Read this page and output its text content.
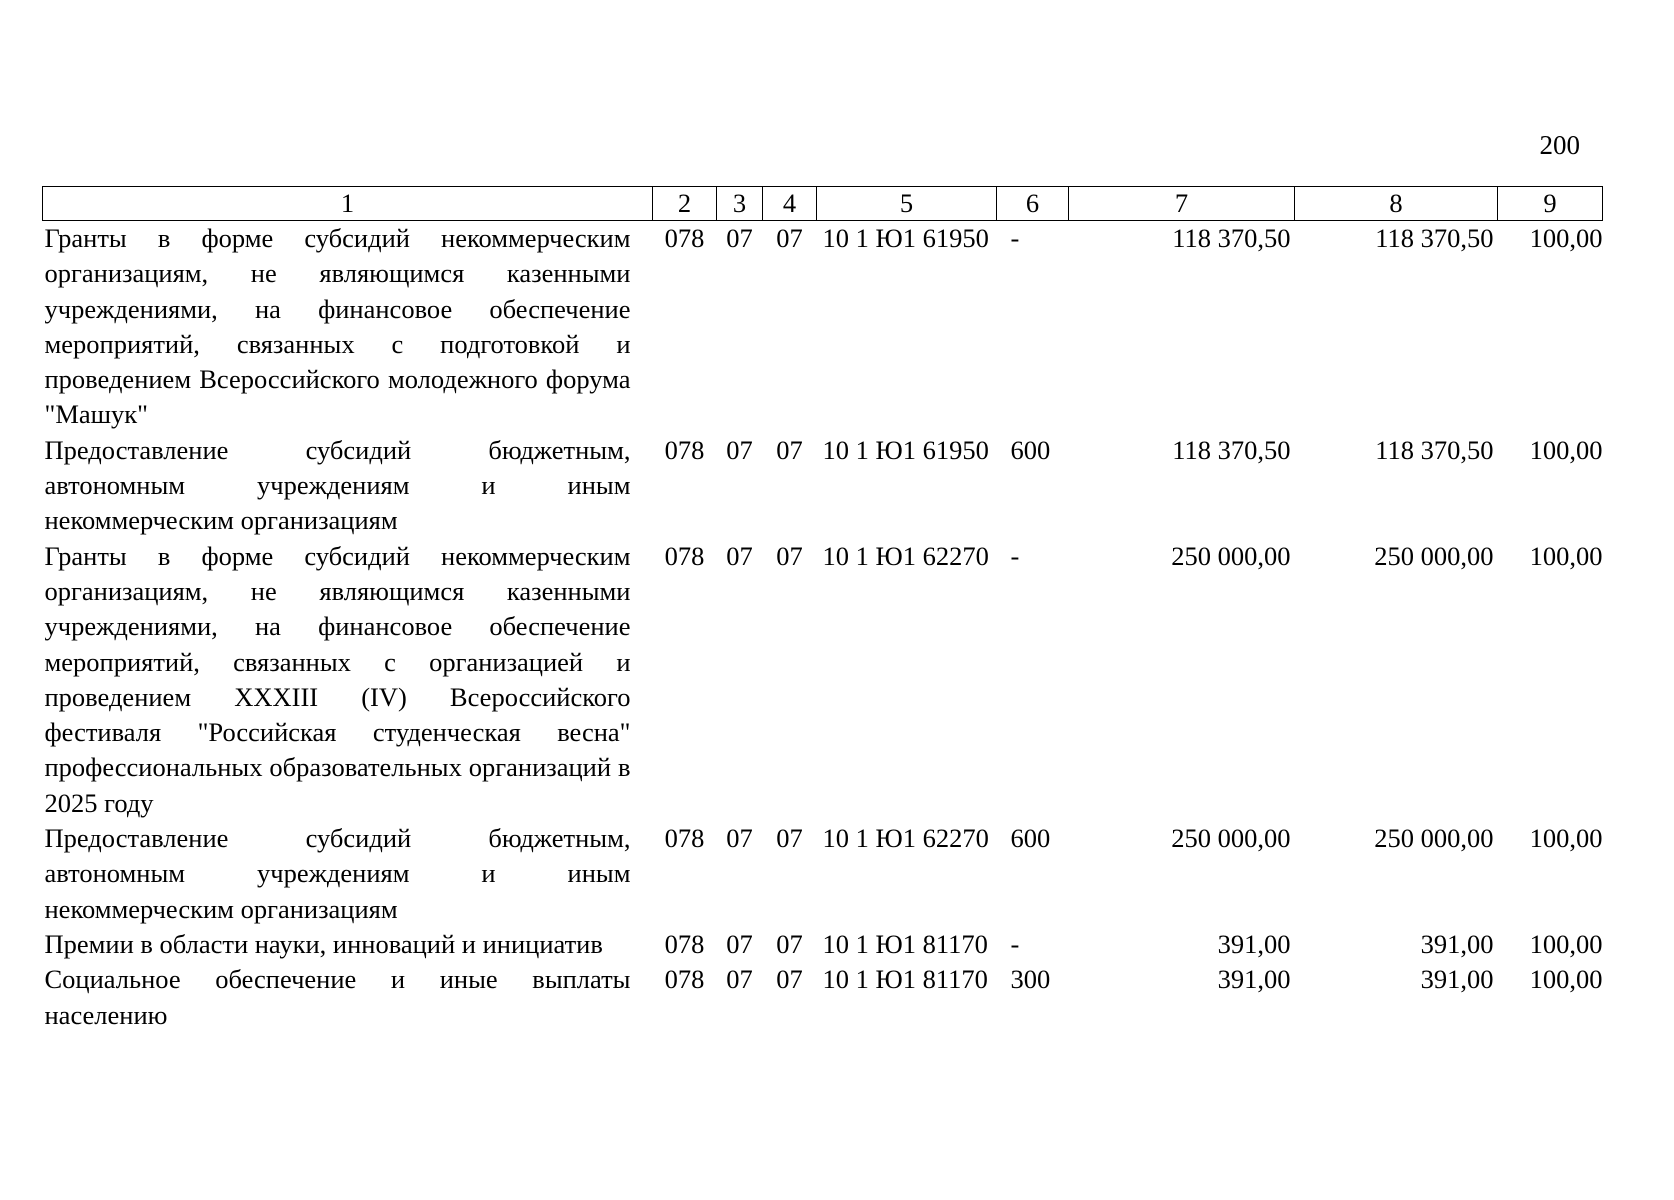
200
1	2	3	4	5	6	7	8	9
Гранты в форме субсидий некоммерческим организациям, не являющимся казенными учреждениями, на финансовое обеспечение мероприятий, связанных с подготовкой и проведением Всероссийского молодежного форума "Машук"	078	07	07	10 1 Ю1 61950	-	118 370,50	118 370,50	100,00
Предоставление субсидий бюджетным, автономным учреждениям и иным некоммерческим организациям	078	07	07	10 1 Ю1 61950	600	118 370,50	118 370,50	100,00
Гранты в форме субсидий некоммерческим организациям, не являющимся казенными учреждениями, на финансовое обеспечение мероприятий, связанных с организацией и проведением XXXIII (IV) Всероссийского фестиваля "Российская студенческая весна" профессиональных образовательных организаций в 2025 году	078	07	07	10 1 Ю1 62270	-	250 000,00	250 000,00	100,00
Предоставление субсидий бюджетным, автономным учреждениям и иным некоммерческим организациям	078	07	07	10 1 Ю1 62270	600	250 000,00	250 000,00	100,00
Премии в области науки, инноваций и инициатив	078	07	07	10 1 Ю1 81170	-	391,00	391,00	100,00
Социальное обеспечение и иные выплаты населению	078	07	07	10 1 Ю1 81170	300	391,00	391,00	100,00
